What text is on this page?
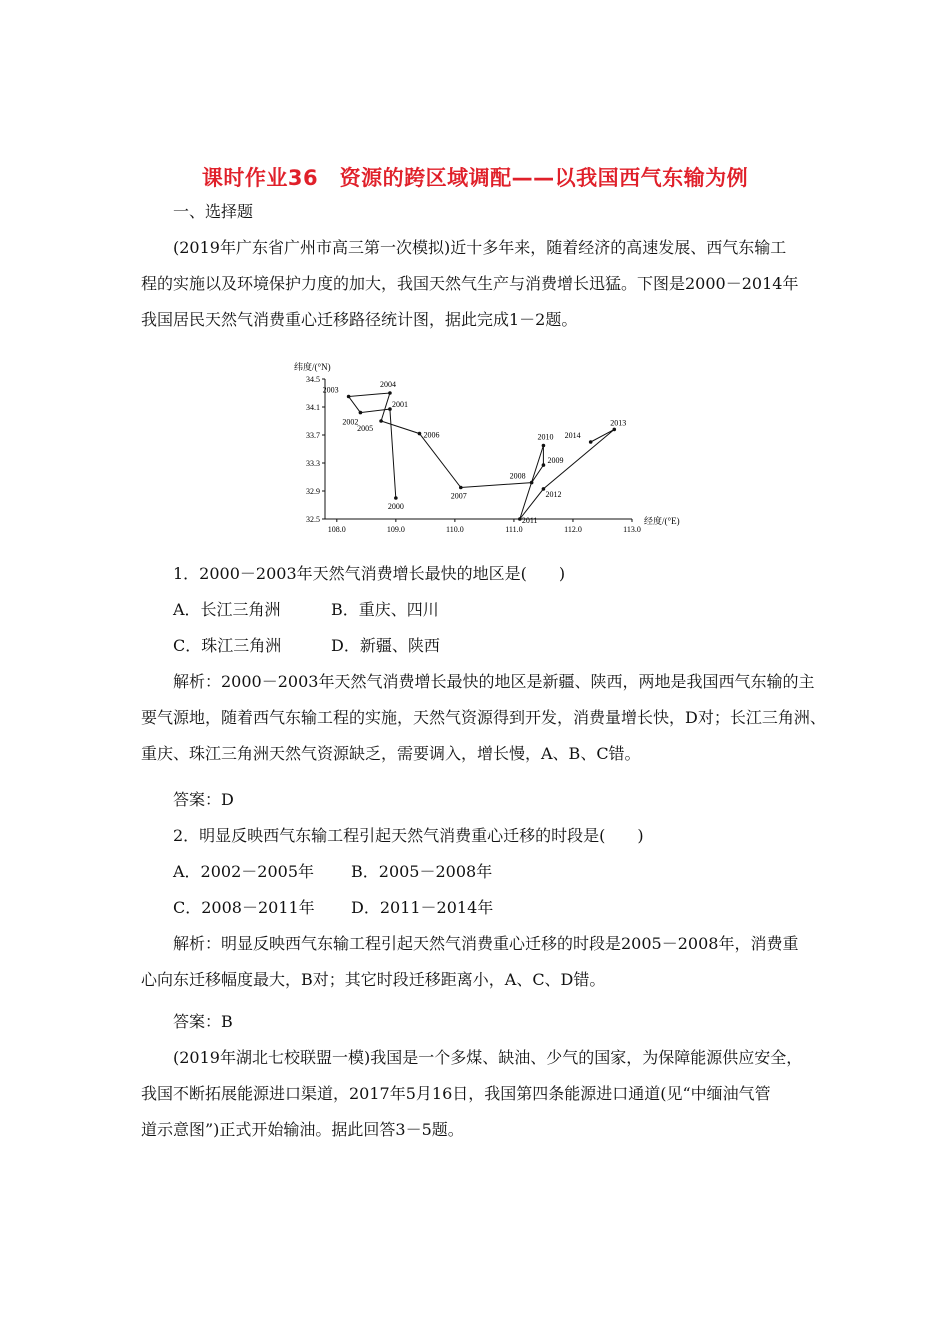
课时作业36　资源的跨区域调配——以我国西气东输为例
一、选择题
(2019年广东省广州市高三第一次模拟)近十多年来，随着经济的高速发展、西气东输工
程的实施以及环境保护力度的加大，我国天然气生产与消费增长迅猛。下图是2000－2014年
我国居民天然气消费重心迁移路径统计图，据此完成1－2题。
108.0	109.0	110.0	111.0	112.0	113.0
32.5
32.9
33.3
33.7
34.1
34.5
纬度/(°N)
经度/(°E)
2000
2001
2002
2003
2004
2005
2006
2007
2008
2009
2010
2011
2012
2013
2014
1．2000－2003年天然气消费增长最快的地区是(　　)
A．长江三角洲	B．重庆、四川
C．珠江三角洲	D．新疆、陕西
解析：2000－2003年天然气消费增长最快的地区是新疆、陕西，两地是我国西气东输的主
要气源地，随着西气东输工程的实施，天然气资源得到开发，消费量增长快，D对；长江三角洲、
重庆、珠江三角洲天然气资源缺乏，需要调入，增长慢，A、B、C错。
答案：D
2．明显反映西气东输工程引起天然气消费重心迁移的时段是(　　)
A．2002－2005年 B．2005－2008年
C．2008－2011年 D．2011－2014年
解析：明显反映西气东输工程引起天然气消费重心迁移的时段是2005－2008年，消费重
心向东迁移幅度最大，B对；其它时段迁移距离小，A、C、D错。
答案：B
(2019年湖北七校联盟一模)我国是一个多煤、缺油、少气的国家，为保障能源供应安全，
我国不断拓展能源进口渠道，2017年5月16日，我国第四条能源进口通道(见“中缅油气管
道示意图”)正式开始输油。据此回答3－5题。
